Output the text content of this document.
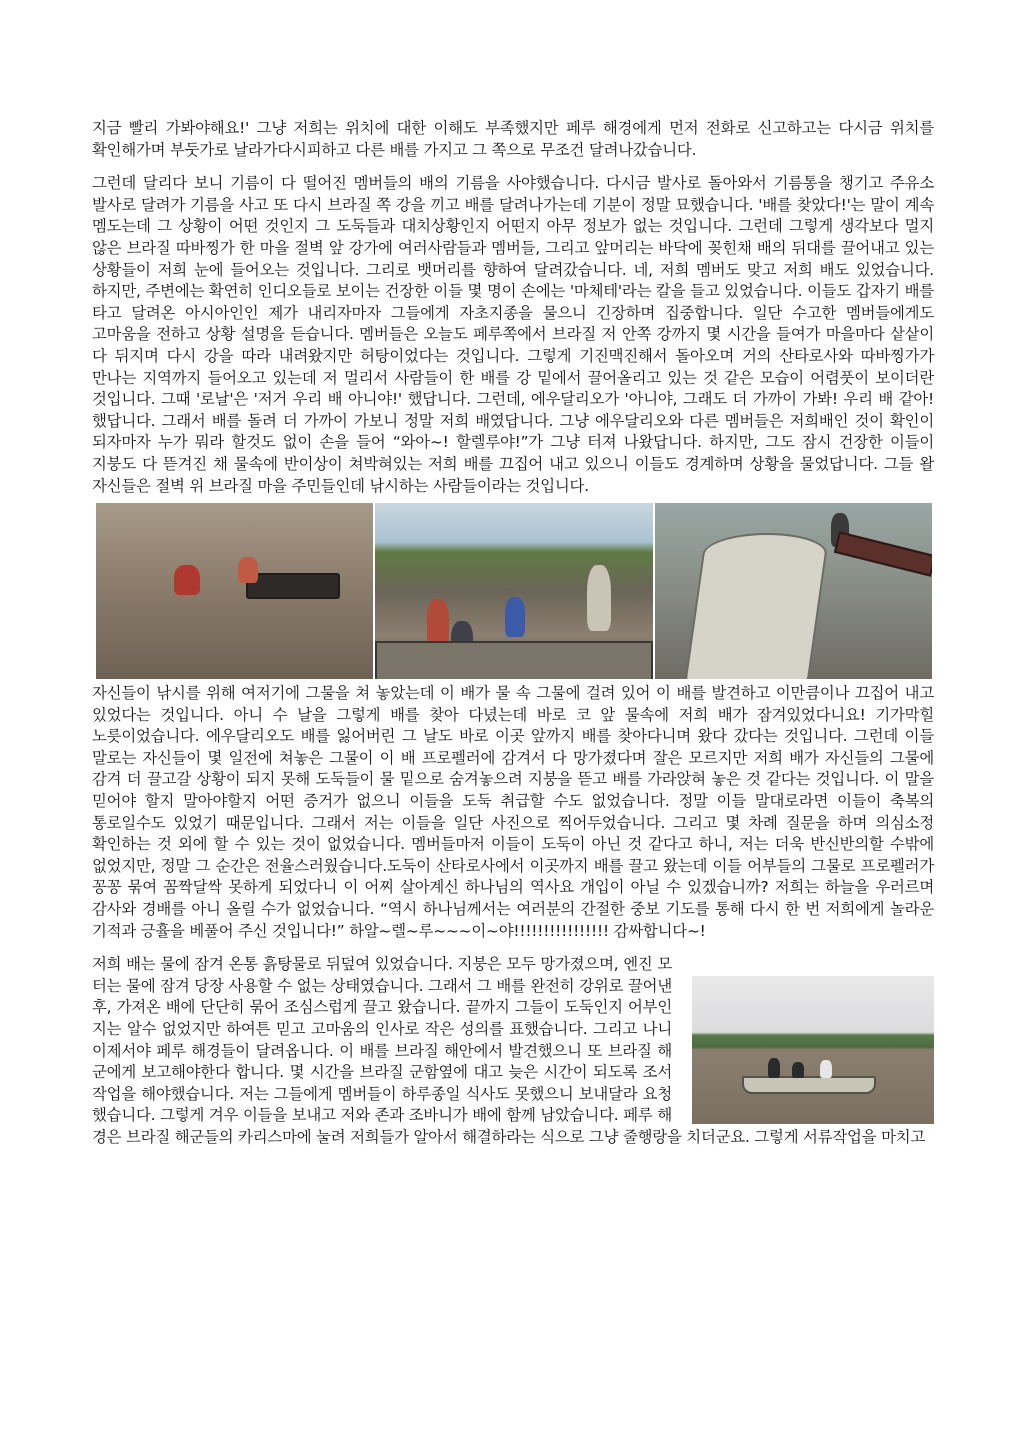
지금 빨리 가봐야해요!' 그냥 저희는 위치에 대한 이해도 부족했지만 페루 해경에게 먼저 전화로 신고하고는 다시금 위치를 확인해가며 부둣가로 날라가다시피하고 다른 배를 가지고 그 쪽으로 무조건 달려나갔습니다.

그런데 달리다 보니 기름이 다 떨어진 멤버들의 배의 기름을 사야했습니다. 다시금 발사로 돌아와서 기름통을 챙기고 주유소 발사로 달려가 기름을 사고 또 다시 브라질 쪽 강을 끼고 배를 달려나가는데 기분이 정말 묘했습니다. '배를 찾았다!'는 말이 계속 멤도는데 그 상황이 어떤 것인지 그 도둑들과 대치상황인지 어떤지 아무 정보가 없는 것입니다. 그런데 그렇게 생각보다 멀지 않은 브라질 따바찡가 한 마을 절벽 앞 강가에 여러사람들과 멤버들, 그리고 앞머리는 바닥에 꽂힌채 배의 뒤대를 끌어내고 있는 상황들이 저희 눈에 들어오는 것입니다. 그리로 뱃머리를 향하여 달려갔습니다. 네, 저희 멤버도 맞고 저희 배도 있었습니다. 하지만, 주변에는 확연히 인디오들로 보이는 건장한 이들 몇 명이 손에는 '마체테'라는 칼을 들고 있었습니다. 이들도 갑자기 배를 타고 달려온 아시아인인 제가 내리자마자 그들에게 자초지종을 물으니 긴장하며 집중합니다. 일단 수고한 멤버들에게도 고마움을 전하고 상황 설명을 듣습니다. 멤버들은 오늘도 페루쪽에서 브라질 저 안쪽 강까지 몇 시간을 들여가 마을마다 샅샅이 다 뒤지며 다시 강을 따라 내려왔지만 허탕이었다는 것입니다. 그렇게 기진맥진해서 돌아오며 거의 산타로사와 따바찡가가 만나는 지역까지 들어오고 있는데 저 멀리서 사람들이 한 배를 강 밑에서 끌어올리고 있는 것 같은 모습이 어렴풋이 보이더란 것입니다. 그때 '로날'은 '저거 우리 배 아니야!' 했답니다. 그런데, 에우달리오가 '아니야, 그래도 더 가까이 가봐! 우리 배 같아! 했답니다. 그래서 배를 돌려 더 가까이 가보니 정말 저희 배였답니다. 그냥 에우달리오와 다른 멤버들은 저희배인 것이 확인이 되자마자 누가 뭐라 할것도 없이 손을 들어 “와아~! 할렐루야!”가 그냥 터져 나왔답니다. 하지만, 그도 잠시 건장한 이들이 지붕도 다 뜯겨진 채 물속에 반이상이 쳐박혀있는 저희 배를 끄집어 내고 있으니 이들도 경계하며 상황을 물었답니다. 그들 왈 자신들은 절벽 위 브라질 마을 주민들인데 낚시하는 사람들이라는 것입니다.

자신들이 낚시를 위해 여저기에 그물을 쳐 놓았는데 이 배가 물 속 그물에 걸려 있어 이 배를 발견하고 이만큼이나 끄집어 내고 있었다는 것입니다. 아니 수 날을 그렇게 배를 찾아 다녔는데 바로 코 앞 물속에 저희 배가 잠겨있었다니요! 기가막힐 노릇이었습니다. 에우달리오도 배를 잃어버린 그 날도 바로 이곳 앞까지 배를 찾아다니며 왔다 갔다는 것입니다. 그런데 이들 말로는 자신들이 몇 일전에 쳐놓은 그물이 이 배 프로펠러에 감겨서 다 망가졌다며 잘은 모르지만 저희 배가 자신들의 그물에 감겨 더 끌고갈 상황이 되지 못해 도둑들이 물 밑으로 숨겨놓으려 지붕을 뜯고 배를 가라앉혀 놓은 것 같다는 것입니다. 이 말을 믿어야 할지 말아야할지 어떤 증거가 없으니 이들을 도둑 취급할 수도 없었습니다. 정말 이들 말대로라면 이들이 축복의 통로일수도 있었기 때문입니다. 그래서 저는 이들을 일단 사진으로 찍어두었습니다. 그리고 몇 차례 질문을 하며 의심소정 확인하는 것 외에 할 수 있는 것이 없었습니다. 멤버들마저 이들이 도둑이 아닌 것 같다고 하니, 저는 더욱 반신반의할 수밖에 없었지만, 정말 그 순간은 전율스러웠습니다.도둑이 산타로사에서 이곳까지 배를 끌고 왔는데 이들 어부들의 그물로 프로펠러가 꽁꽁 묶여 꼼짝달싹 못하게 되었다니 이 어찌 살아계신 하나님의 역사요 개입이 아닐 수 있겠습니까? 저희는 하늘을 우러르며 감사와 경배를 아니 올릴 수가 없었습니다. “역시 하나님께서는 여러분의 간절한 중보 기도를 통해 다시 한 번 저희에게 놀라운 기적과 긍휼을 베풀어 주신 것입니다!” 하알~렐~루~~~이~야!!!!!!!!!!!!!!!! 감싸합니다~!

저희 배는 물에 잠겨 온통 흙탕물로 뒤덮여 있었습니다. 지붕은 모두 망가졌으며, 엔진 모터는 물에 잠겨 당장 사용할 수 없는 상태였습니다. 그래서 그 배를 완전히 강위로 끌어낸 후, 가져온 배에 단단히 묶어 조심스럽게 끌고 왔습니다. 끝까지 그들이 도둑인지 어부인지는 알수 없었지만 하여튼 믿고 고마움의 인사로 작은 성의를 표했습니다. 그리고 나니 이제서야 페루 해경들이 달려옵니다. 이 배를 브라질 해안에서 발견했으니 또 브라질 해군에게 보고해야한다 합니다. 몇 시간을 브라질 군함옆에 대고 늦은 시간이 되도록 조서작업을 해야했습니다. 저는 그들에게 멤버들이 하루종일 식사도 못했으니 보내달라 요청했습니다. 그렇게 겨우 이들을 보내고 저와 존과 조바니가 배에 함께 남았습니다. 페루 해경은 브라질 해군들의 카리스마에 눌려 저희들가 알아서 해결하라는 식으로 그냥 줄행랑을 치더군요. 그렇게 서류작업을 마치고
